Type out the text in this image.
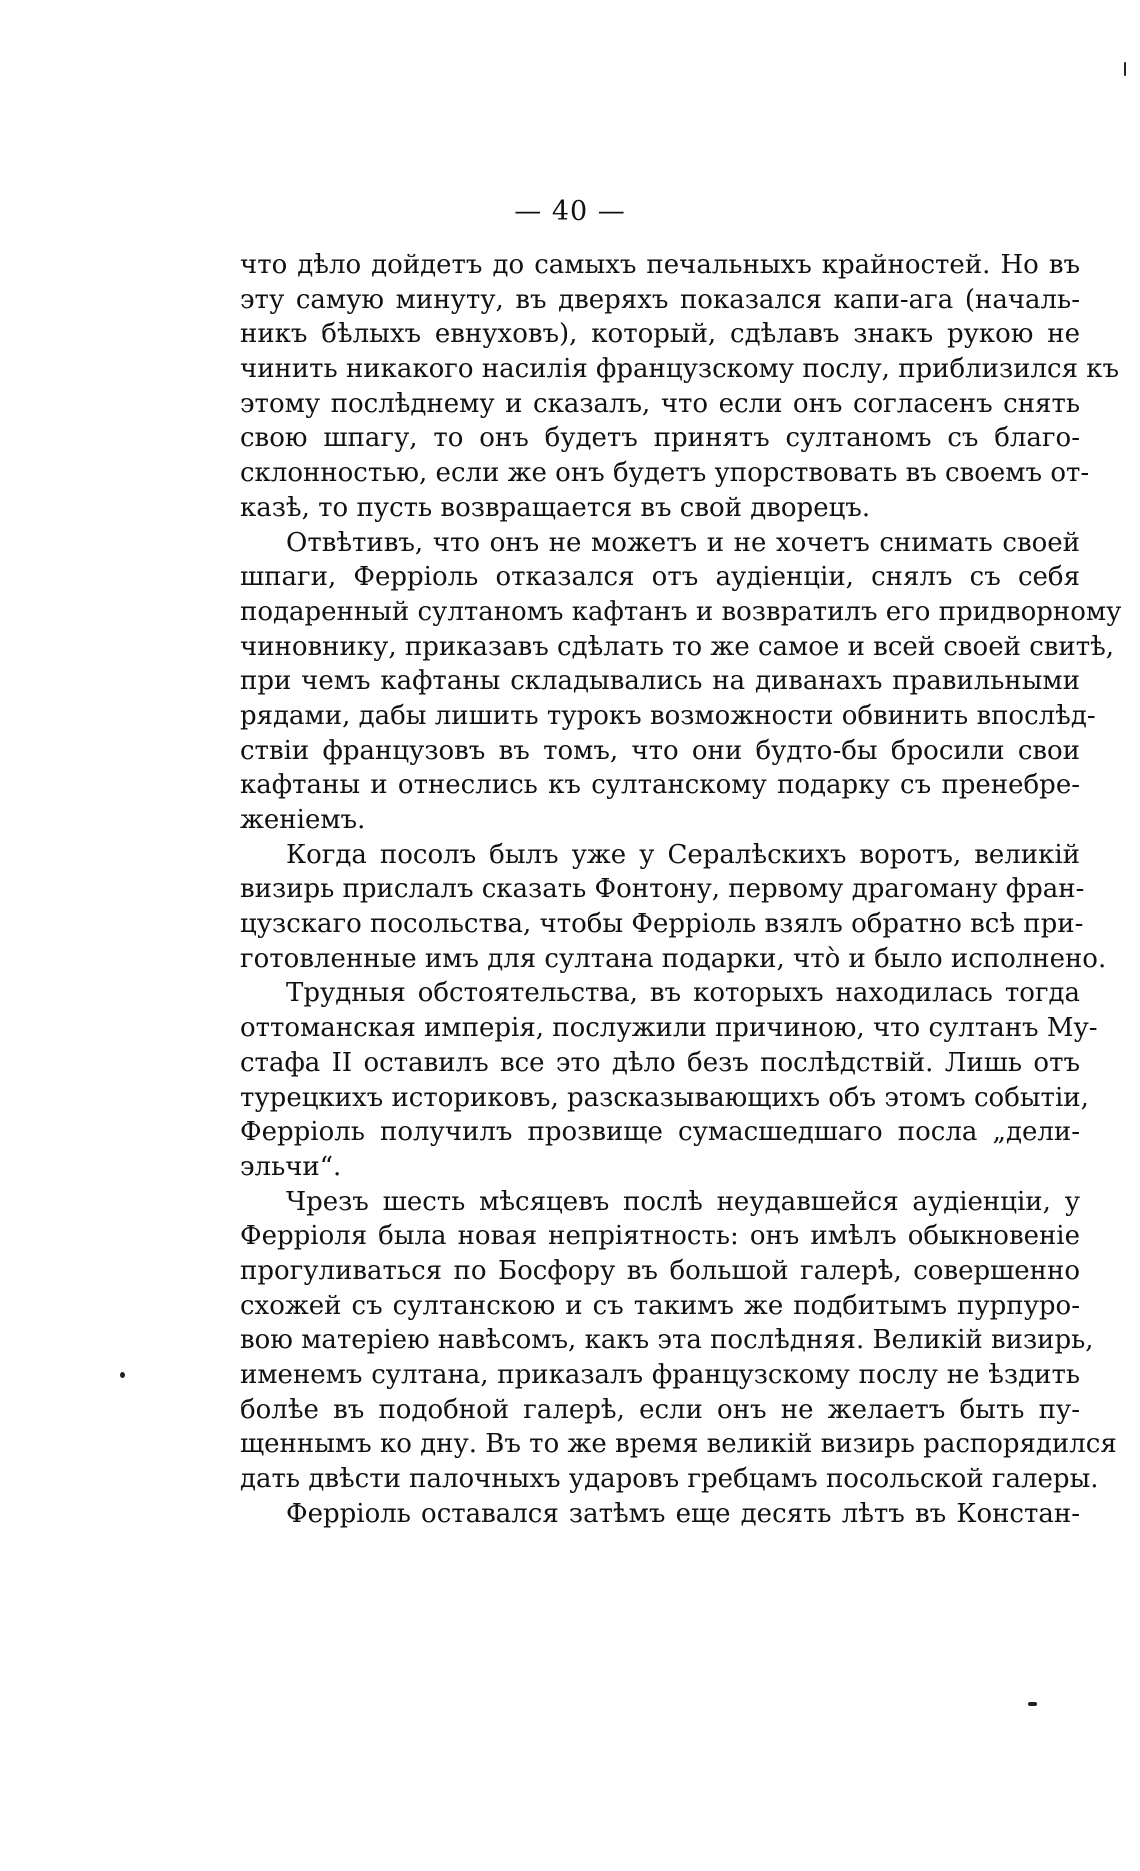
— 40 —
что дѣло дойдетъ до самыхъ печальныхъ крайностей. Но въ
эту самую минуту, въ дверяхъ показался капи-ага (началь-
никъ бѣлыхъ евнуховъ), который, сдѣлавъ знакъ рукою не
чинить никакого насилія французскому послу, приблизился къ
этому послѣднему и сказалъ, что если онъ согласенъ снять
свою шпагу, то онъ будетъ принятъ султаномъ съ благо-
склонностью, если же онъ будетъ упорствовать въ своемъ от-
казѣ, то пусть возвращается въ свой дворецъ.
Отвѣтивъ, что онъ не можетъ и не хочетъ снимать своей
шпаги, Ферріоль отказался отъ аудіенціи, снялъ съ себя
подаренный султаномъ кафтанъ и возвратилъ его придворному
чиновнику, приказавъ сдѣлать то же самое и всей своей свитѣ,
при чемъ кафтаны складывались на диванахъ правильными
рядами, дабы лишить турокъ возможности обвинить впослѣд-
ствіи французовъ въ томъ, что они будто-бы бросили свои
кафтаны и отнеслись къ султанскому подарку съ пренебре-
женіемъ.
Когда посолъ былъ уже у Сералѣскихъ воротъ, великій
визирь прислалъ сказать Фонтону, первому драгоману фран-
цузскаго посольства, чтобы Ферріоль взялъ обратно всѣ при-
готовленные имъ для султана подарки, что̀ и было исполнено.
Трудныя обстоятельства, въ которыхъ находилась тогда
оттоманская имперія, послужили причиною, что султанъ Му-
стафа II оставилъ все это дѣло безъ послѣдствій. Лишь отъ
турецкихъ историковъ, разсказывающихъ объ этомъ событіи,
Ферріоль получилъ прозвище сумасшедшаго посла „дели-
эльчи“.
Чрезъ шесть мѣсяцевъ послѣ неудавшейся аудіенціи, у
Ферріоля была новая непріятность: онъ имѣлъ обыкновеніе
прогуливаться по Босфору въ большой галерѣ, совершенно
схожей съ султанскою и съ такимъ же подбитымъ пурпуро-
вою матеріею навѣсомъ, какъ эта послѣдняя. Великій визирь,
именемъ султана, приказалъ французскому послу не ѣздить
болѣе въ подобной галерѣ, если онъ не желаетъ быть пу-
щеннымъ ко дну. Въ то же время великій визирь распорядился
дать двѣсти палочныхъ ударовъ гребцамъ посольской галеры.
Ферріоль оставался затѣмъ еще десять лѣтъ въ Констан-
